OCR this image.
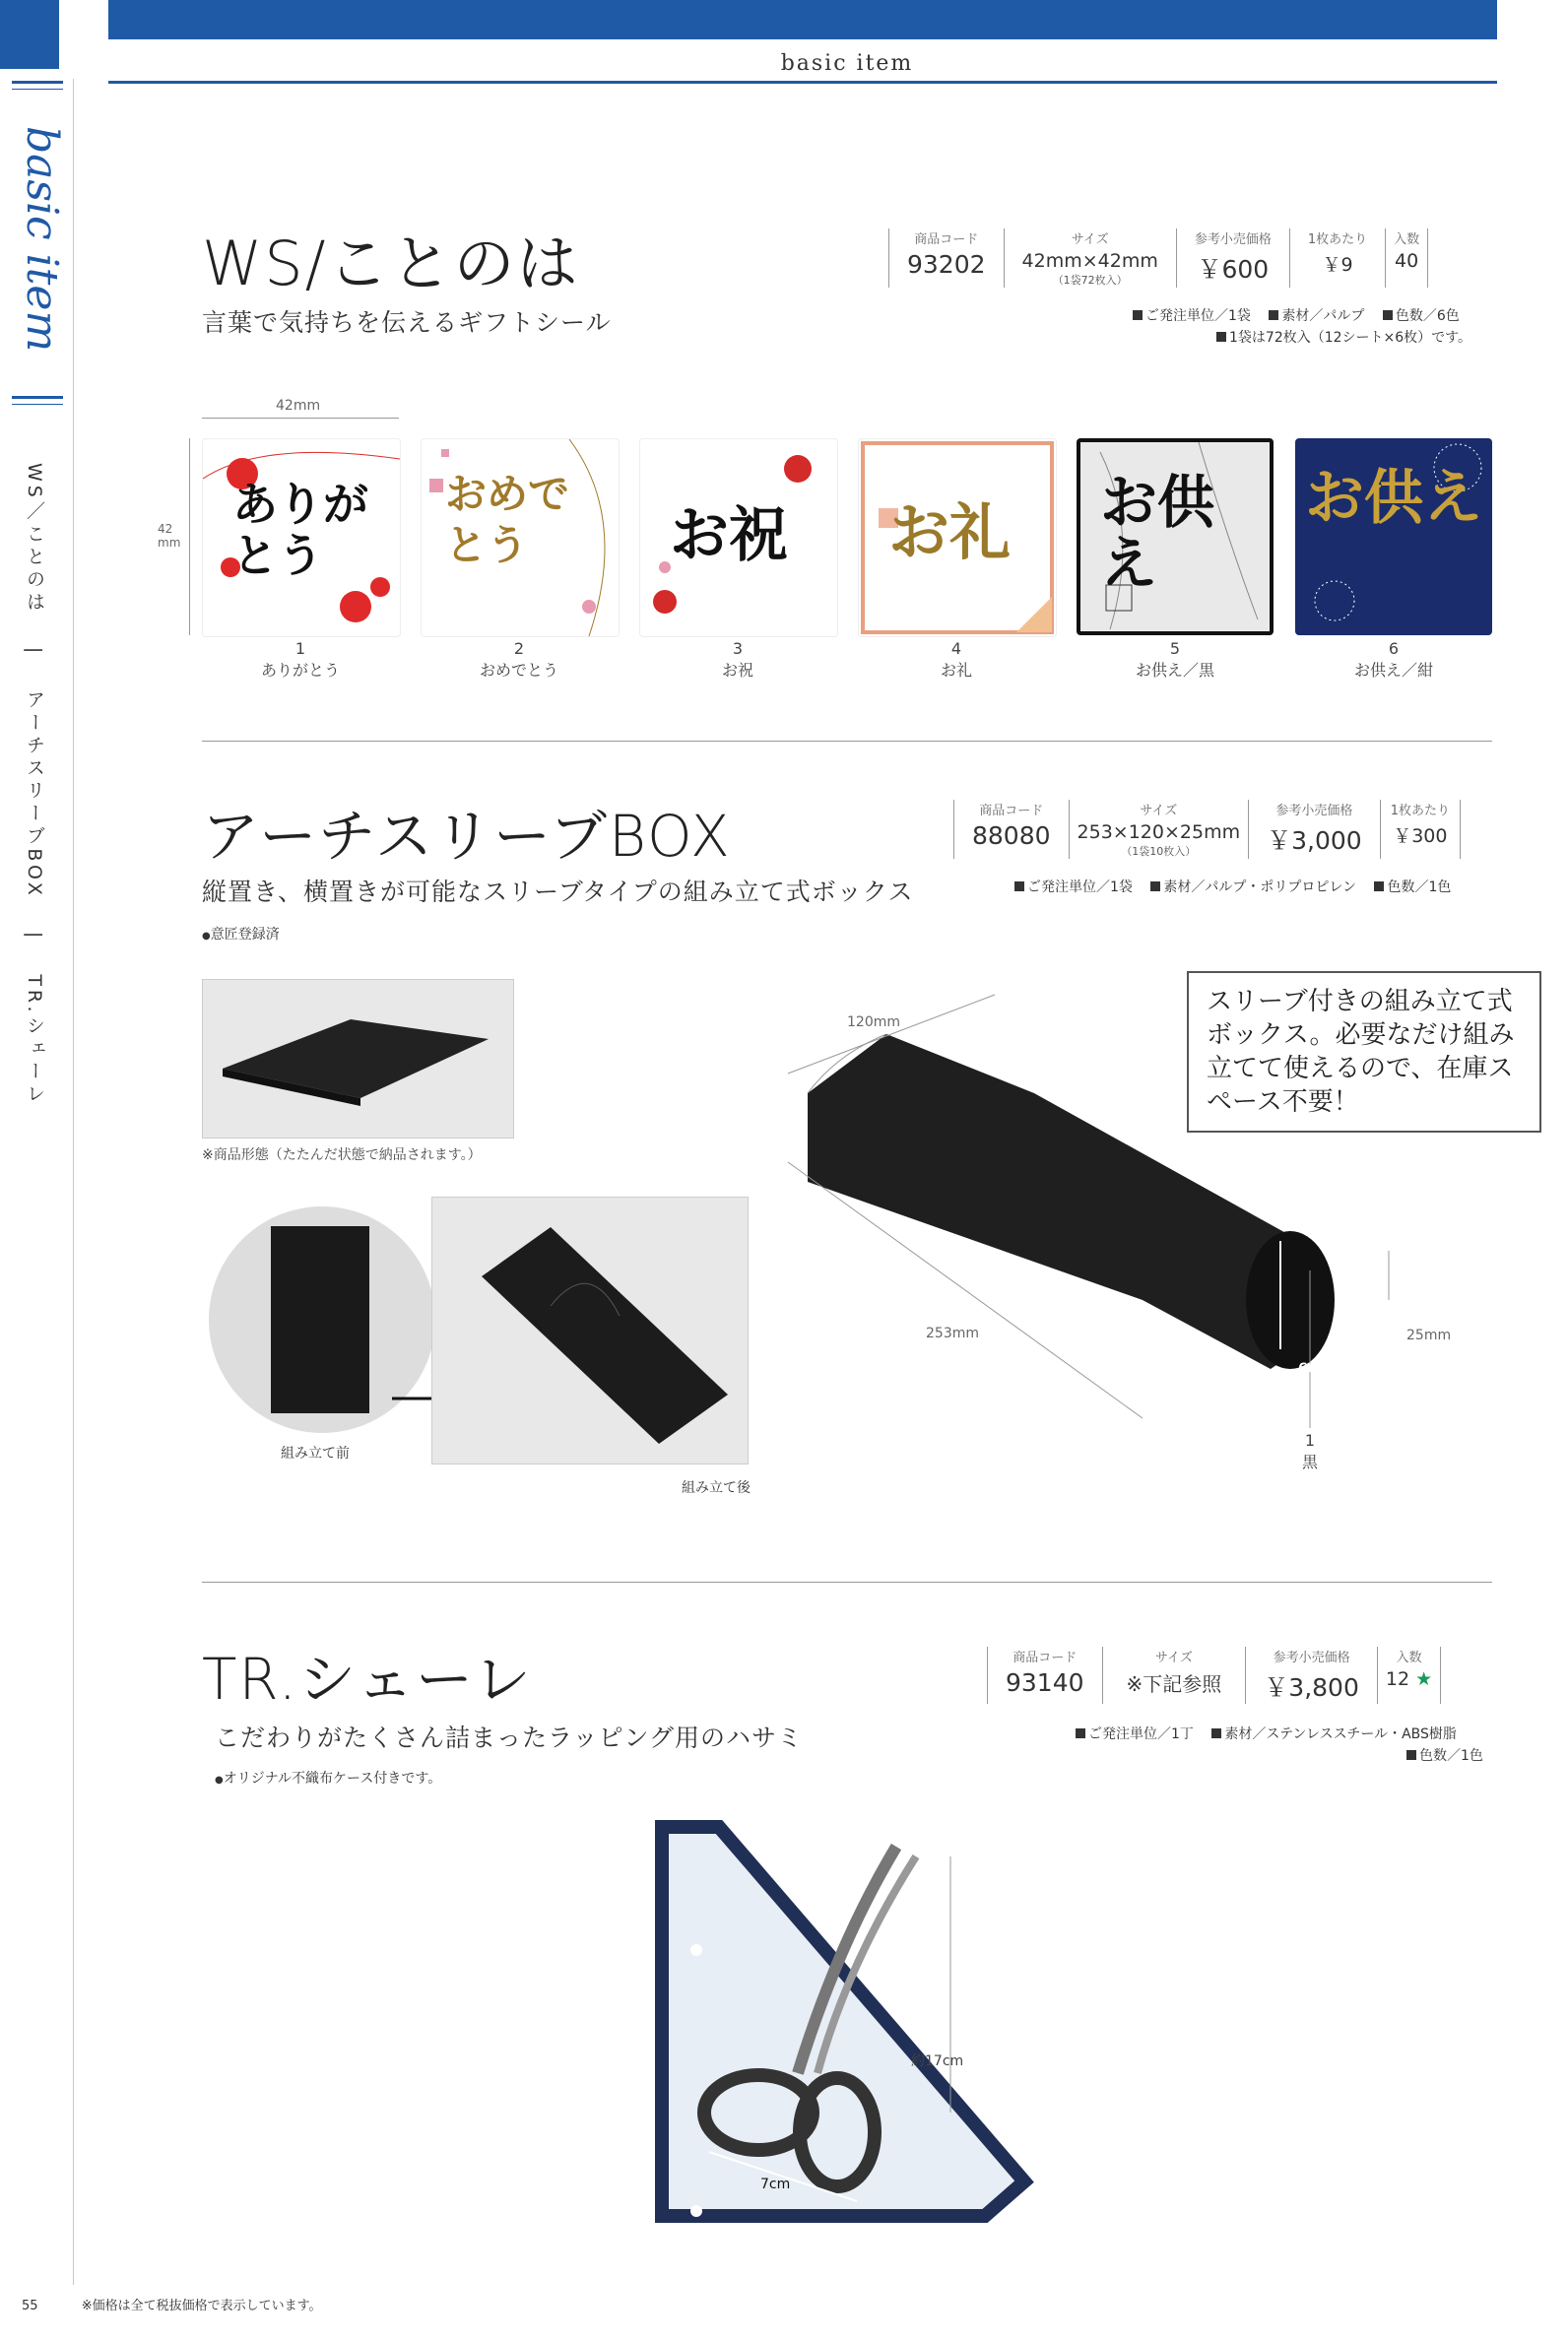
basic item
basic item
WS／ことのは 　|　 アーチスリーブBOX 　|　 TR.シェーレ
WS/ことのは
言葉で気持ちを伝えるギフトシール
商品コード
93202

サイズ
42mm×42mm
（1袋72枚入）

参考小売価格
￥600

1枚あたり
￥9

入数
40
ご発注単位／1袋　 素材／パルプ　 色数／6色
1袋は72枚入（12シート×6枚）です。
42mm
42 mm
ありがとう
おめでとう	お祝 お礼 お供え
お供え
1
ありがとう
2
おめでとう
3
お祝
4
お礼
5
お供え／黒
6
お供え／紺
アーチスリーブBOX
縦置き、横置きが可能なスリーブタイプの組み立て式ボックス
●意匠登録済
商品コード
88080

サイズ
253×120×25mm
（1袋10枚入）

参考小売価格
￥3,000

1枚あたり
￥300
ご発注単位／1袋　 素材／パルプ・ポリプロピレン　 色数／1色
※商品形態（たたんだ状態で納品されます。）
組み立て前
組み立て後
120mm
253mm	25mm
60mm
1
黒
スリーブ付きの組み立て式ボックス。必要なだけ組み立てて使えるので、在庫スペース不要！
TR.シェーレ
こだわりがたくさん詰まったラッピング用のハサミ
●オリジナル不織布ケース付きです。
商品コード
93140

サイズ
※下記参照

参考小売価格
￥3,800

入数
12 ★
ご発注単位／1丁　 素材／ステンレススチール・ABS樹脂
色数／1色
約17cm
7cm
55	※価格は全て税抜価格で表示しています。
